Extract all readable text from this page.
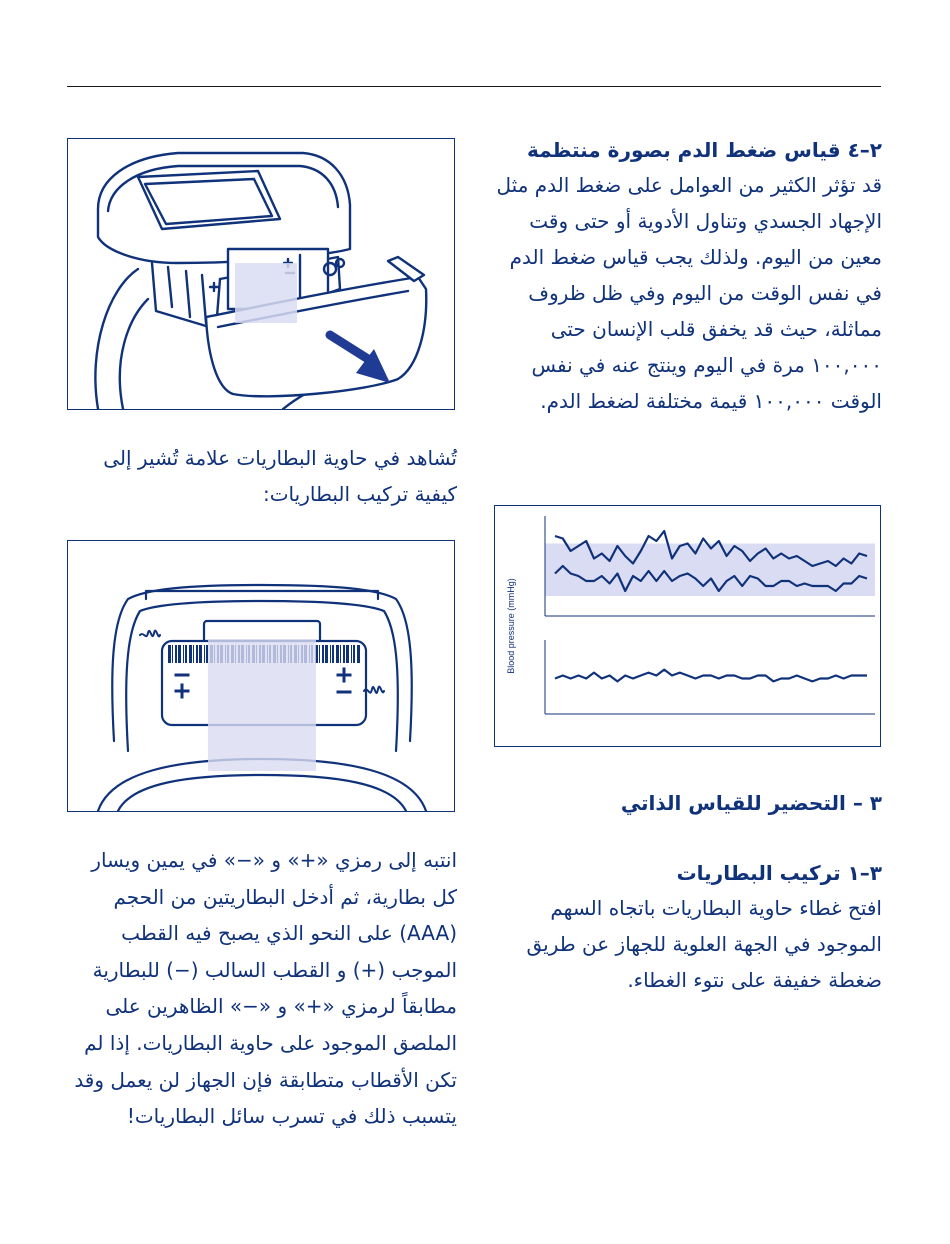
٢–٤ قياس ضغط الدم بصورة منتظمة

قد تؤثر الكثير من العوامل على ضغط الدم مثل الإجهاد الجسدي وتناول الأدوية أو حتى وقت معين من اليوم. ولذلك يجب قياس ضغط الدم في نفس الوقت من اليوم وفي ظل ظروف مماثلة، حيث قد يخفق قلب الإنسان حتى ١٠٠,٠٠٠ مرة في اليوم وينتج عنه في نفس الوقت ١٠٠,٠٠٠ قيمة مختلفة لضغط الدم.

تُشاهد في حاوية البطاريات علامة تُشير إلى كيفية تركيب البطاريات:

Blood pressure (mmHg)

٣ – التحضير للقياس الذاتي

٣–١ تركيب البطاريات

افتح غطاء حاوية البطاريات باتجاه السهم الموجود في الجهة العلوية للجهاز عن طريق ضغطة خفيفة على نتوء الغطاء.

انتبه إلى رمزي «+» و «−» في يمين ويسار كل بطارية، ثم أدخل البطاريتين من الحجم (AAA) على النحو الذي يصبح فيه القطب الموجب (+) و القطب السالب (−) للبطارية مطابقاً لرمزي «+» و «−» الظاهرين على الملصق الموجود على حاوية البطاريات. إذا لم تكن الأقطاب متطابقة فإن الجهاز لن يعمل وقد يتسبب ذلك في تسرب سائل البطاريات!
